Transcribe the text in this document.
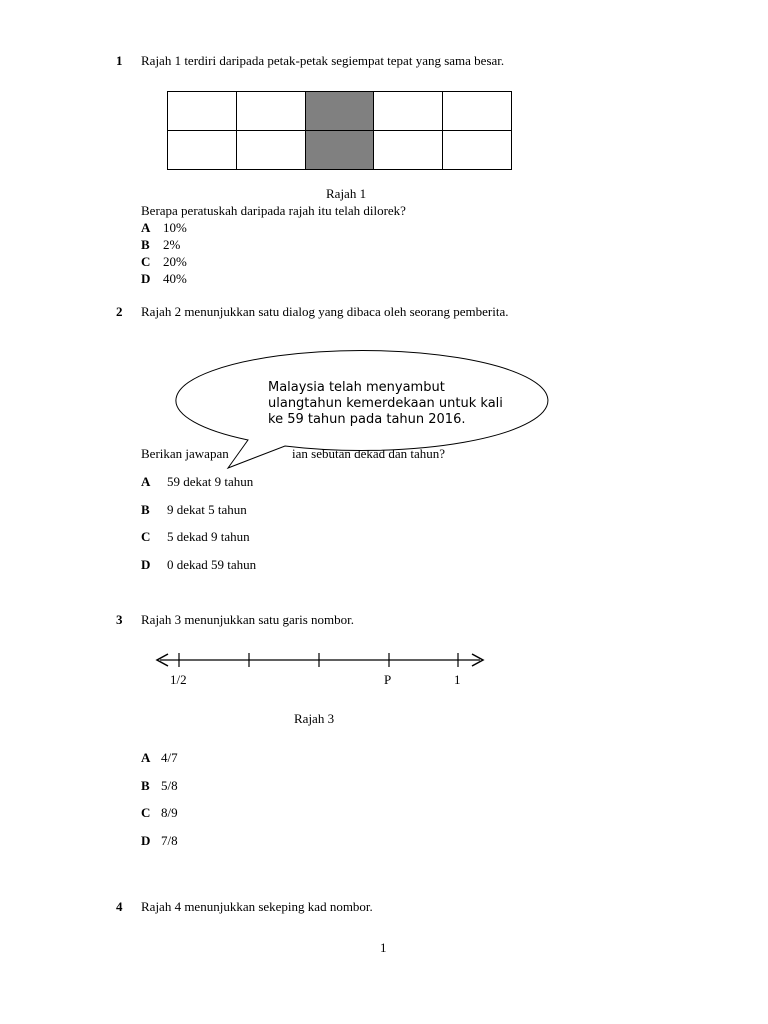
1 Rajah 1 terdiri daripada petak-petak segiempat tepat yang sama besar.

Rajah 1
Berapa peratuskah daripada rajah itu telah dilorek?
A 10%
B 2%
C 20%
D 40%
2 Rajah 2 menunjukkan satu dialog yang dibaca oleh seorang pemberita.
Berikan jawapan	ian sebutan dekad dan tahun?
Malaysia telah menyambut ulangtahun kemerdekaan untuk kali ke 59 tahun pada tahun 2016.
A 59 dekat 9 tahun
B 9 dekat 5 tahun
C 5 dekad 9 tahun
D 0 dekad 59 tahun
3 Rajah 3 menunjukkan satu garis nombor.
1/2	P	1
Rajah 3
A 4/7
B 5/8
C 8/9
D 7/8
4 Rajah 4 menunjukkan sekeping kad nombor.
1
